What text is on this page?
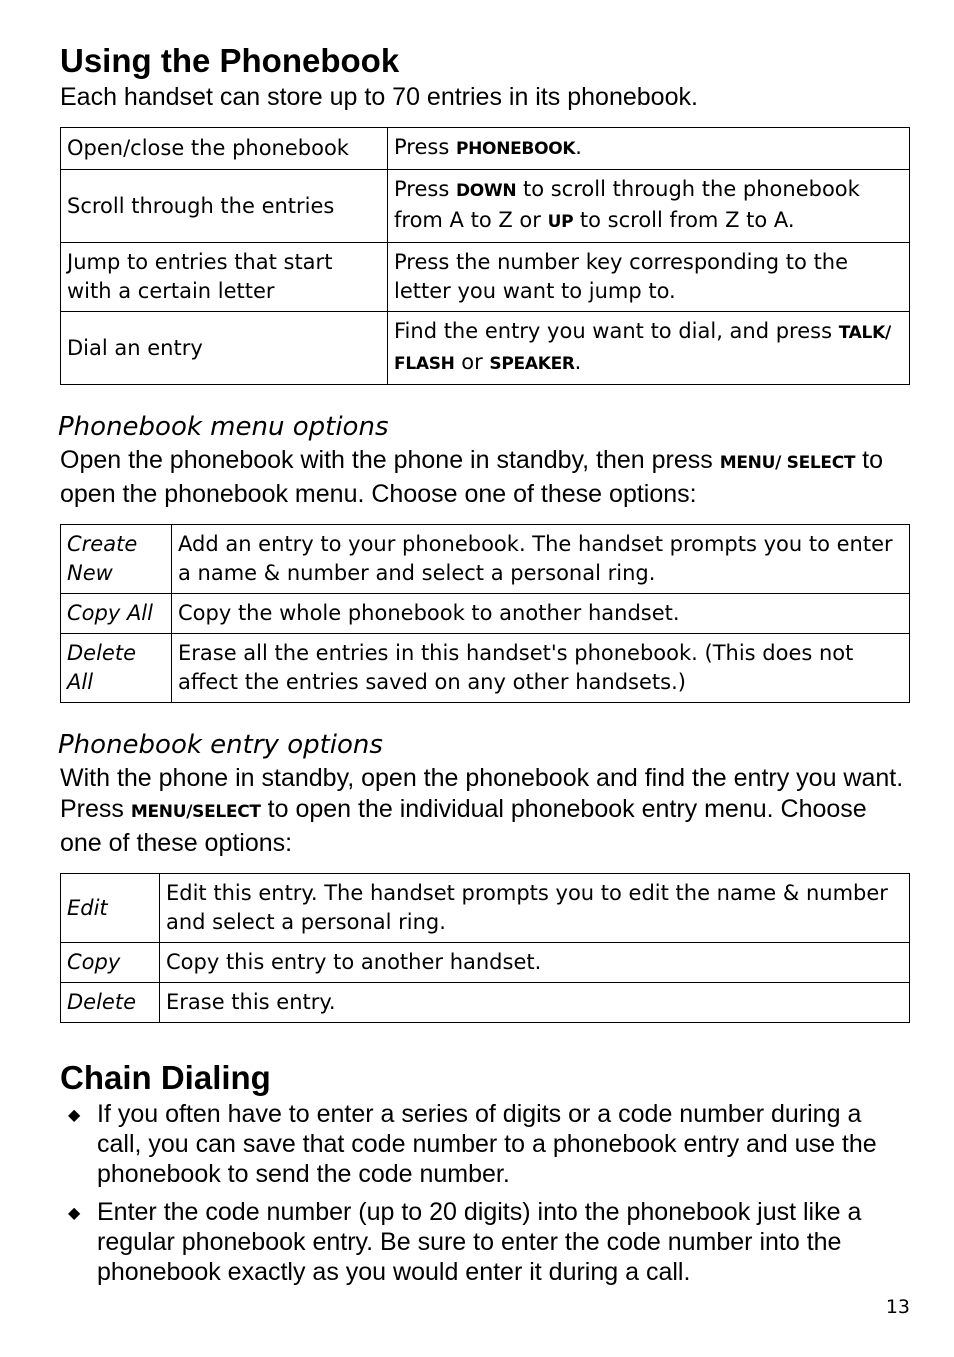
Using the Phonebook

Each handset can store up to 70 entries in its phonebook.

Open/close the phonebook	Press PHONEBOOK.
Scroll through the entries	Press DOWN to scroll through the phonebook from A to Z or UP to scroll from Z to A.
Jump to entries that start with a certain letter	Press the number key corresponding to the letter you want to jump to.
Dial an entry	Find the entry you want to dial, and press TALK/ FLASH or SPEAKER.
Phonebook menu options

Open the phonebook with the phone in standby, then press MENU/ SELECT to open the phonebook menu. Choose one of these options:

Create New	Add an entry to your phonebook. The handset prompts you to enter a name & number and select a personal ring.
Copy All	Copy the whole phonebook to another handset.
Delete All	Erase all the entries in this handset's phonebook. (This does not affect the entries saved on any other handsets.)
Phonebook entry options

With the phone in standby, open the phonebook and find the entry you want. Press MENU/SELECT to open the individual phonebook entry menu. Choose one of these options:

Edit	Edit this entry. The handset prompts you to edit the name & number and select a personal ring.
Copy	Copy this entry to another handset.
Delete	Erase this entry.
Chain Dialing
◆ If you often have to enter a series of digits or a code number during a call, you can save that code number to a phonebook entry and use the phonebook to send the code number.
◆ Enter the code number (up to 20 digits) into the phonebook just like a regular phonebook entry. Be sure to enter the code number into the phonebook exactly as you would enter it during a call.
13
